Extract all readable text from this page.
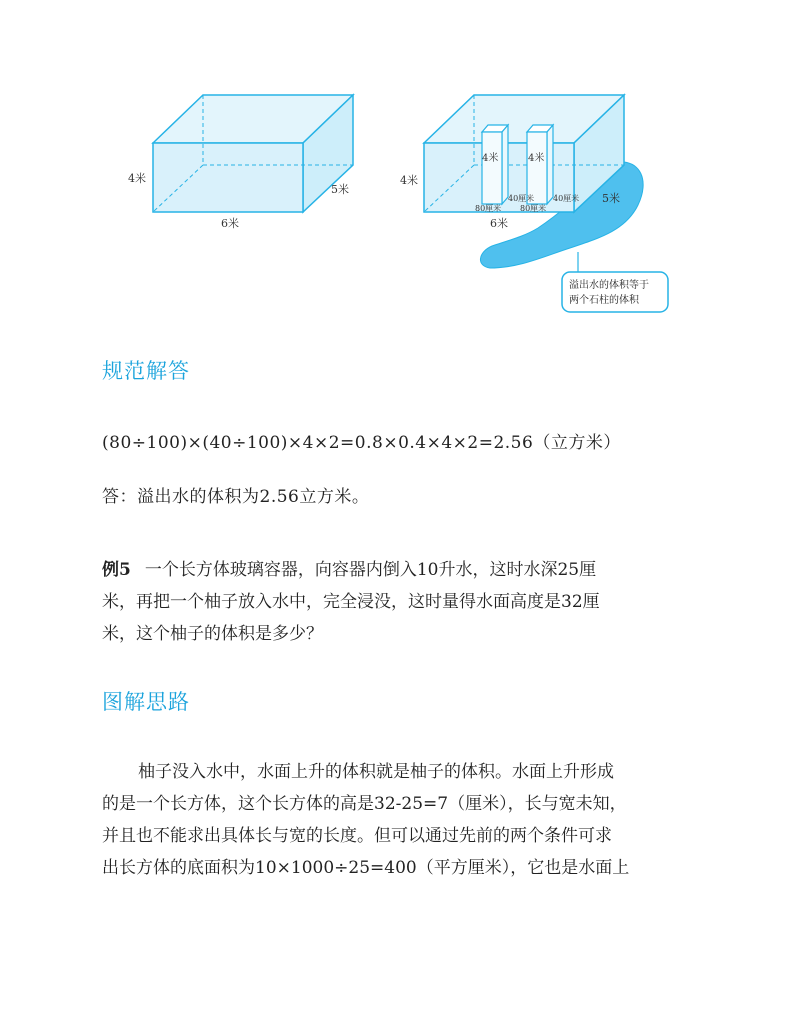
4米
5米
6米
4米	4米
40厘米 40厘米
80厘米 80厘米
4米
5米
6米
溢出水的体积等于
两个石柱的体积
规范解答
(80÷100)×(40÷100)×4×2=0.8×0.4×4×2=2.56（立方米）
答：溢出水的体积为2.56立方米。
例5 一个长方体玻璃容器，向容器内倒入10升水，这时水深25厘
米，再把一个柚子放入水中，完全浸没，这时量得水面高度是32厘
米，这个柚子的体积是多少？
图解思路
柚子没入水中，水面上升的体积就是柚子的体积。水面上升形成
的是一个长方体，这个长方体的高是32-25=7（厘米），长与宽未知，
并且也不能求出具体长与宽的长度。但可以通过先前的两个条件可求
出长方体的底面积为10×1000÷25=400（平方厘米），它也是水面上
